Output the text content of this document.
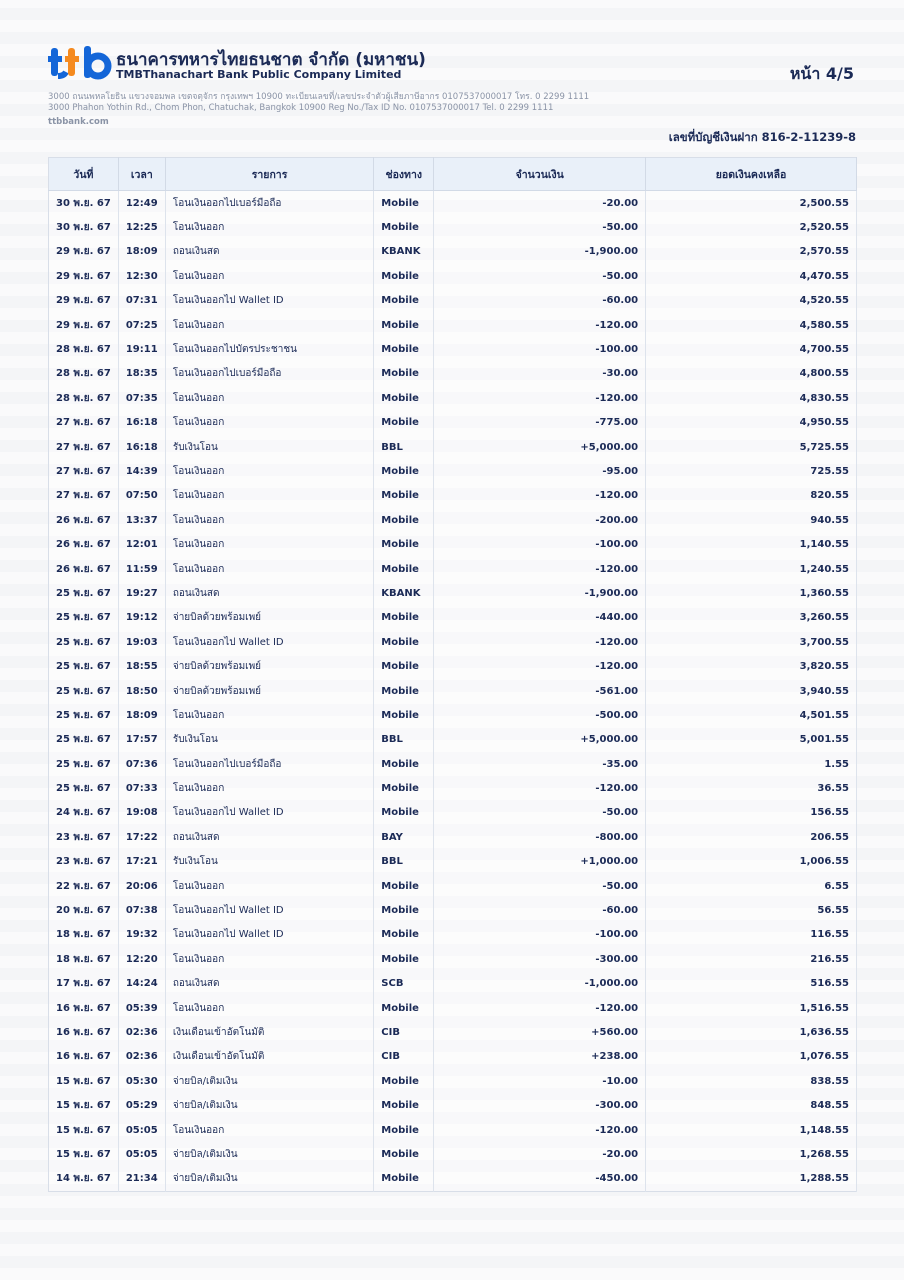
ธนาคารทหารไทยธนชาต จำกัด (มหาชน)
TMBThanachart Bank Public Company Limited
3000 ถนนพหลโยธิน แขวงจอมพล เขตจตุจักร กรุงเทพฯ 10900 ทะเบียนเลขที่/เลขประจำตัวผู้เสียภาษีอากร 0107537000017 โทร. 0 2299 1111
3000 Phahon Yothin Rd., Chom Phon, Chatuchak, Bangkok 10900 Reg No./Tax ID No. 0107537000017 Tel. 0 2299 1111
ttbbank.com
หน้า 4/5
เลขที่บัญชีเงินฝาก 816-2-11239-8
วันที่	เวลา	รายการ	ช่องทาง	จำนวนเงิน	ยอดเงินคงเหลือ
30 พ.ย. 67	12:49	โอนเงินออกไปเบอร์มือถือ	Mobile	-20.00	2,500.55
30 พ.ย. 67	12:25	โอนเงินออก	Mobile	-50.00	2,520.55
29 พ.ย. 67	18:09	ถอนเงินสด	KBANK	-1,900.00	2,570.55
29 พ.ย. 67	12:30	โอนเงินออก	Mobile	-50.00	4,470.55
29 พ.ย. 67	07:31	โอนเงินออกไป Wallet ID	Mobile	-60.00	4,520.55
29 พ.ย. 67	07:25	โอนเงินออก	Mobile	-120.00	4,580.55
28 พ.ย. 67	19:11	โอนเงินออกไปบัตรประชาชน	Mobile	-100.00	4,700.55
28 พ.ย. 67	18:35	โอนเงินออกไปเบอร์มือถือ	Mobile	-30.00	4,800.55
28 พ.ย. 67	07:35	โอนเงินออก	Mobile	-120.00	4,830.55
27 พ.ย. 67	16:18	โอนเงินออก	Mobile	-775.00	4,950.55
27 พ.ย. 67	16:18	รับเงินโอน	BBL	+5,000.00	5,725.55
27 พ.ย. 67	14:39	โอนเงินออก	Mobile	-95.00	725.55
27 พ.ย. 67	07:50	โอนเงินออก	Mobile	-120.00	820.55
26 พ.ย. 67	13:37	โอนเงินออก	Mobile	-200.00	940.55
26 พ.ย. 67	12:01	โอนเงินออก	Mobile	-100.00	1,140.55
26 พ.ย. 67	11:59	โอนเงินออก	Mobile	-120.00	1,240.55
25 พ.ย. 67	19:27	ถอนเงินสด	KBANK	-1,900.00	1,360.55
25 พ.ย. 67	19:12	จ่ายบิลด้วยพร้อมเพย์	Mobile	-440.00	3,260.55
25 พ.ย. 67	19:03	โอนเงินออกไป Wallet ID	Mobile	-120.00	3,700.55
25 พ.ย. 67	18:55	จ่ายบิลด้วยพร้อมเพย์	Mobile	-120.00	3,820.55
25 พ.ย. 67	18:50	จ่ายบิลด้วยพร้อมเพย์	Mobile	-561.00	3,940.55
25 พ.ย. 67	18:09	โอนเงินออก	Mobile	-500.00	4,501.55
25 พ.ย. 67	17:57	รับเงินโอน	BBL	+5,000.00	5,001.55
25 พ.ย. 67	07:36	โอนเงินออกไปเบอร์มือถือ	Mobile	-35.00	1.55
25 พ.ย. 67	07:33	โอนเงินออก	Mobile	-120.00	36.55
24 พ.ย. 67	19:08	โอนเงินออกไป Wallet ID	Mobile	-50.00	156.55
23 พ.ย. 67	17:22	ถอนเงินสด	BAY	-800.00	206.55
23 พ.ย. 67	17:21	รับเงินโอน	BBL	+1,000.00	1,006.55
22 พ.ย. 67	20:06	โอนเงินออก	Mobile	-50.00	6.55
20 พ.ย. 67	07:38	โอนเงินออกไป Wallet ID	Mobile	-60.00	56.55
18 พ.ย. 67	19:32	โอนเงินออกไป Wallet ID	Mobile	-100.00	116.55
18 พ.ย. 67	12:20	โอนเงินออก	Mobile	-300.00	216.55
17 พ.ย. 67	14:24	ถอนเงินสด	SCB	-1,000.00	516.55
16 พ.ย. 67	05:39	โอนเงินออก	Mobile	-120.00	1,516.55
16 พ.ย. 67	02:36	เงินเดือนเข้าอัตโนมัติ	CIB	+560.00	1,636.55
16 พ.ย. 67	02:36	เงินเดือนเข้าอัตโนมัติ	CIB	+238.00	1,076.55
15 พ.ย. 67	05:30	จ่ายบิล/เติมเงิน	Mobile	-10.00	838.55
15 พ.ย. 67	05:29	จ่ายบิล/เติมเงิน	Mobile	-300.00	848.55
15 พ.ย. 67	05:05	โอนเงินออก	Mobile	-120.00	1,148.55
15 พ.ย. 67	05:05	จ่ายบิล/เติมเงิน	Mobile	-20.00	1,268.55
14 พ.ย. 67	21:34	จ่ายบิล/เติมเงิน	Mobile	-450.00	1,288.55
